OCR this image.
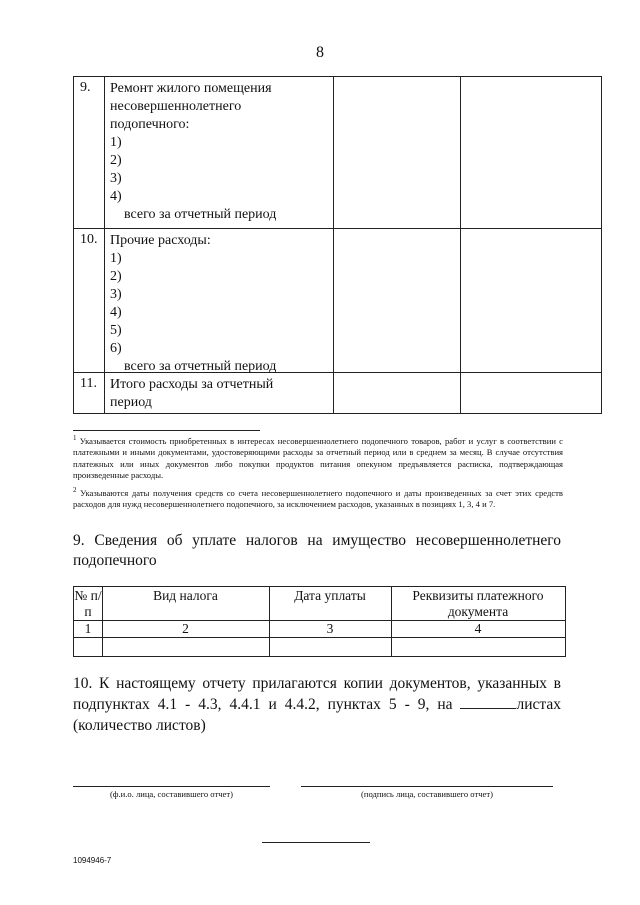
8
9. Ремонт жилого помещения
несовершеннолетнего
подопечного:
1)
2)
3)
4)
всего за отчетный период
10. Прочие расходы:
1)
2)
3)
4)
5)
6)
всего за отчетный период
11. Итого расходы за отчетный
период
$^1$ Указывается стоимость приобретенных в интересах несовершеннолетнего подопечного товаров, работ и услуг в соответствии с платежными и иными документами, удостоверяющими расходы за отчетный период или в среднем за месяц. В случае отсутствия платежных или иных документов либо покупки продуктов питания опекуном предъявляется расписка, подтверждающая произведенные расходы.
$^2$ Указываются даты получения средств со счета несовершеннолетнего подопечного и даты произведенных за счет этих средств расходов для нужд несовершеннолетнего подопечного, за исключением расходов, указанных в позициях 1, 3, 4 и 7.
9. Сведения об уплате налогов на имущество несовершеннолетнего подопечного
№ п/п
Вид налога	Дата уплаты	Реквизиты платежного документа
1	2	3	4
10. К настоящему отчету прилагаются копии документов, указанных в подпунктах 4.1 - 4.3, 4.4.1 и 4.4.2, пунктах 5 - 9, на	листах (количество листов)
(ф.и.о. лица, составившего отчет)	(подпись лица, составившего отчет)
1094946-7
